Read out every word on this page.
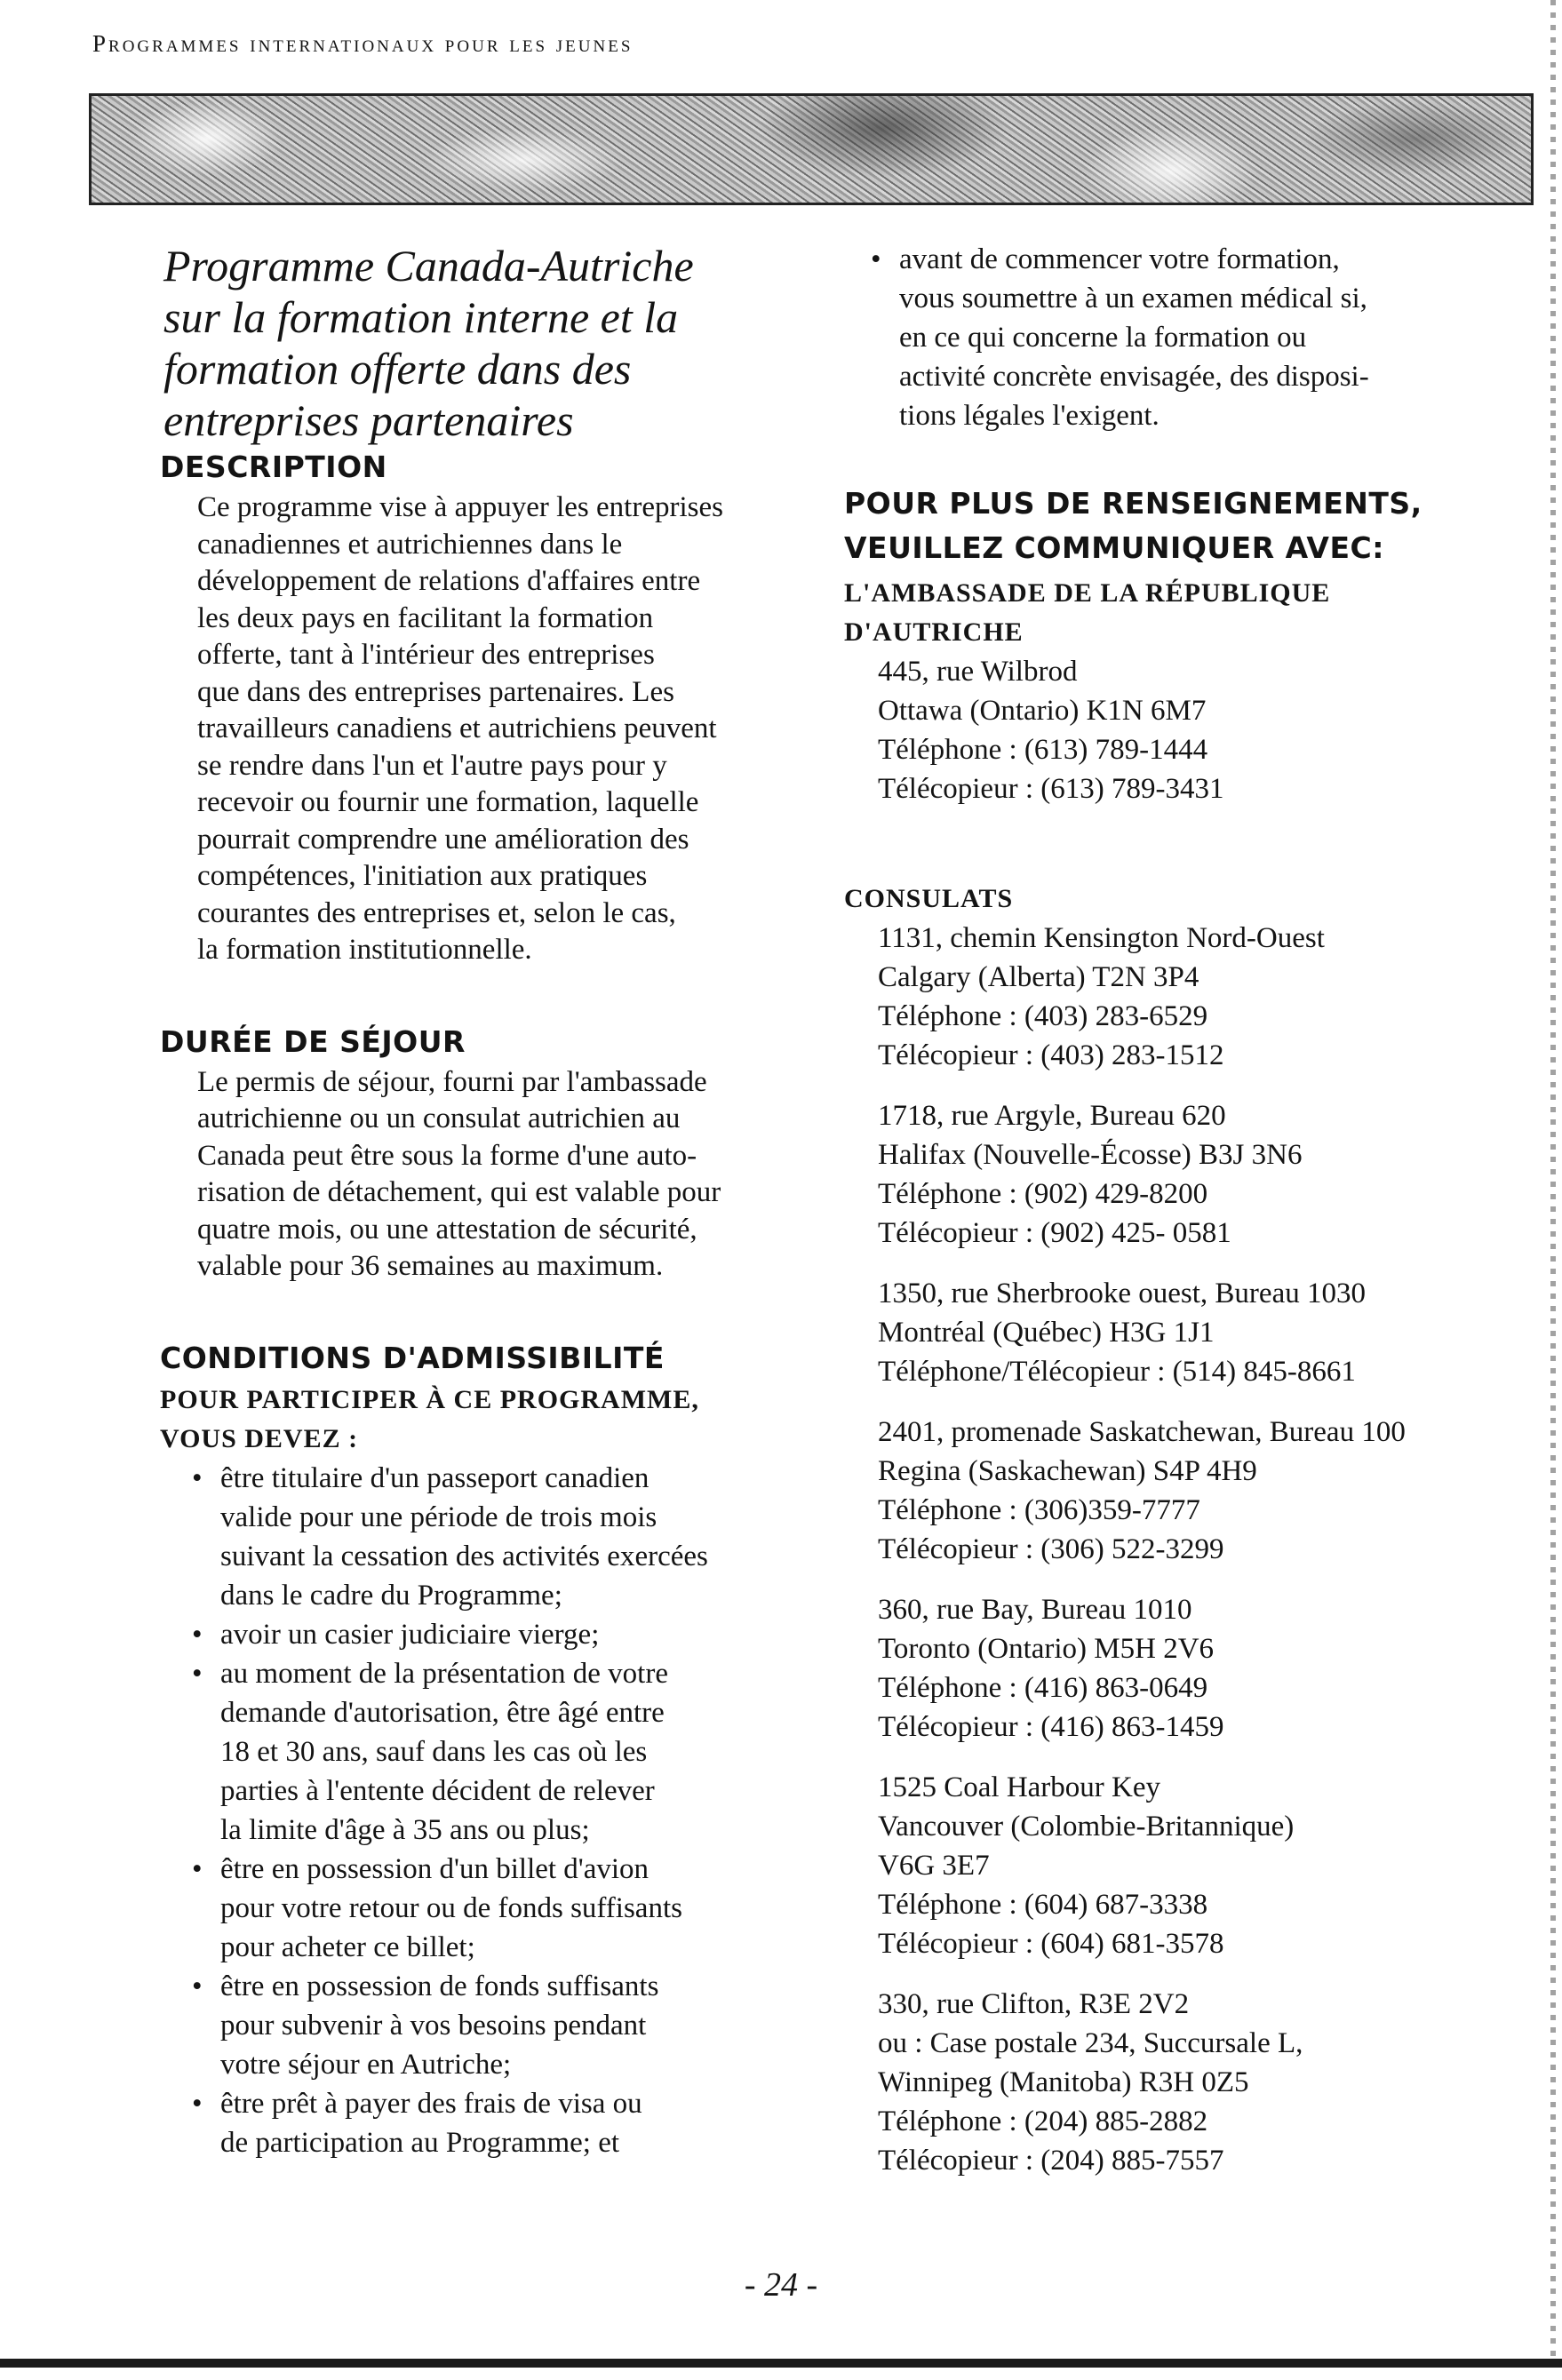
Programmes internationaux pour les jeunes
Programme Canada-Autriche
sur la formation interne et la
formation offerte dans des
entreprises partenaires
DESCRIPTION
Ce programme vise à appuyer les entreprises
canadiennes et autrichiennes dans le
développement de relations d'affaires entre
les deux pays en facilitant la formation
offerte, tant à l'intérieur des entreprises
que dans des entreprises partenaires. Les
travailleurs canadiens et autrichiens peuvent
se rendre dans l'un et l'autre pays pour y
recevoir ou fournir une formation, laquelle
pourrait comprendre une amélioration des
compétences, l'initiation aux pratiques
courantes des entreprises et, selon le cas,
la formation institutionnelle.
DURÉE DE SÉJOUR
Le permis de séjour, fourni par l'ambassade
autrichienne ou un consulat autrichien au
Canada peut être sous la forme d'une auto-
risation de détachement, qui est valable pour
quatre mois, ou une attestation de sécurité,
valable pour 36 semaines au maximum.
CONDITIONS D'ADMISSIBILITÉ
POUR PARTICIPER À CE PROGRAMME,
VOUS DEVEZ :
• être titulaire d'un passeport canadien
valide pour une période de trois mois
suivant la cessation des activités exercées
dans le cadre du Programme;
• avoir un casier judiciaire vierge;
• au moment de la présentation de votre
demande d'autorisation, être âgé entre
18 et 30 ans, sauf dans les cas où les
parties à l'entente décident de relever
la limite d'âge à 35 ans ou plus;
• être en possession d'un billet d'avion
pour votre retour ou de fonds suffisants
pour acheter ce billet;
• être en possession de fonds suffisants
pour subvenir à vos besoins pendant
votre séjour en Autriche;
• être prêt à payer des frais de visa ou
de participation au Programme; et
• avant de commencer votre formation,
vous soumettre à un examen médical si,
en ce qui concerne la formation ou
activité concrète envisagée, des disposi-
tions légales l'exigent.
POUR PLUS DE RENSEIGNEMENTS,
VEUILLEZ COMMUNIQUER AVEC:
L'AMBASSADE DE LA RÉPUBLIQUE
D'AUTRICHE
445, rue Wilbrod
Ottawa (Ontario) K1N 6M7
Téléphone : (613) 789-1444
Télécopieur : (613) 789-3431
CONSULATS
1131, chemin Kensington Nord-Ouest
Calgary (Alberta) T2N 3P4
Téléphone : (403) 283-6529
Télécopieur : (403) 283-1512
1718, rue Argyle, Bureau 620
Halifax (Nouvelle-Écosse) B3J 3N6
Téléphone : (902) 429-8200
Télécopieur : (902) 425- 0581
1350, rue Sherbrooke ouest, Bureau 1030
Montréal (Québec) H3G 1J1
Téléphone/Télécopieur : (514) 845-8661
2401, promenade Saskatchewan, Bureau 100
Regina (Saskachewan) S4P 4H9
Téléphone : (306)359-7777
Télécopieur : (306) 522-3299
360, rue Bay, Bureau 1010
Toronto (Ontario) M5H 2V6
Téléphone : (416) 863-0649
Télécopieur : (416) 863-1459
1525 Coal Harbour Key
Vancouver (Colombie-Britannique)
V6G 3E7
Téléphone : (604) 687-3338
Télécopieur : (604) 681-3578
330, rue Clifton, R3E 2V2
ou : Case postale 234, Succursale L,
Winnipeg (Manitoba) R3H 0Z5
Téléphone : (204) 885-2882
Télécopieur : (204) 885-7557
- 24 -
